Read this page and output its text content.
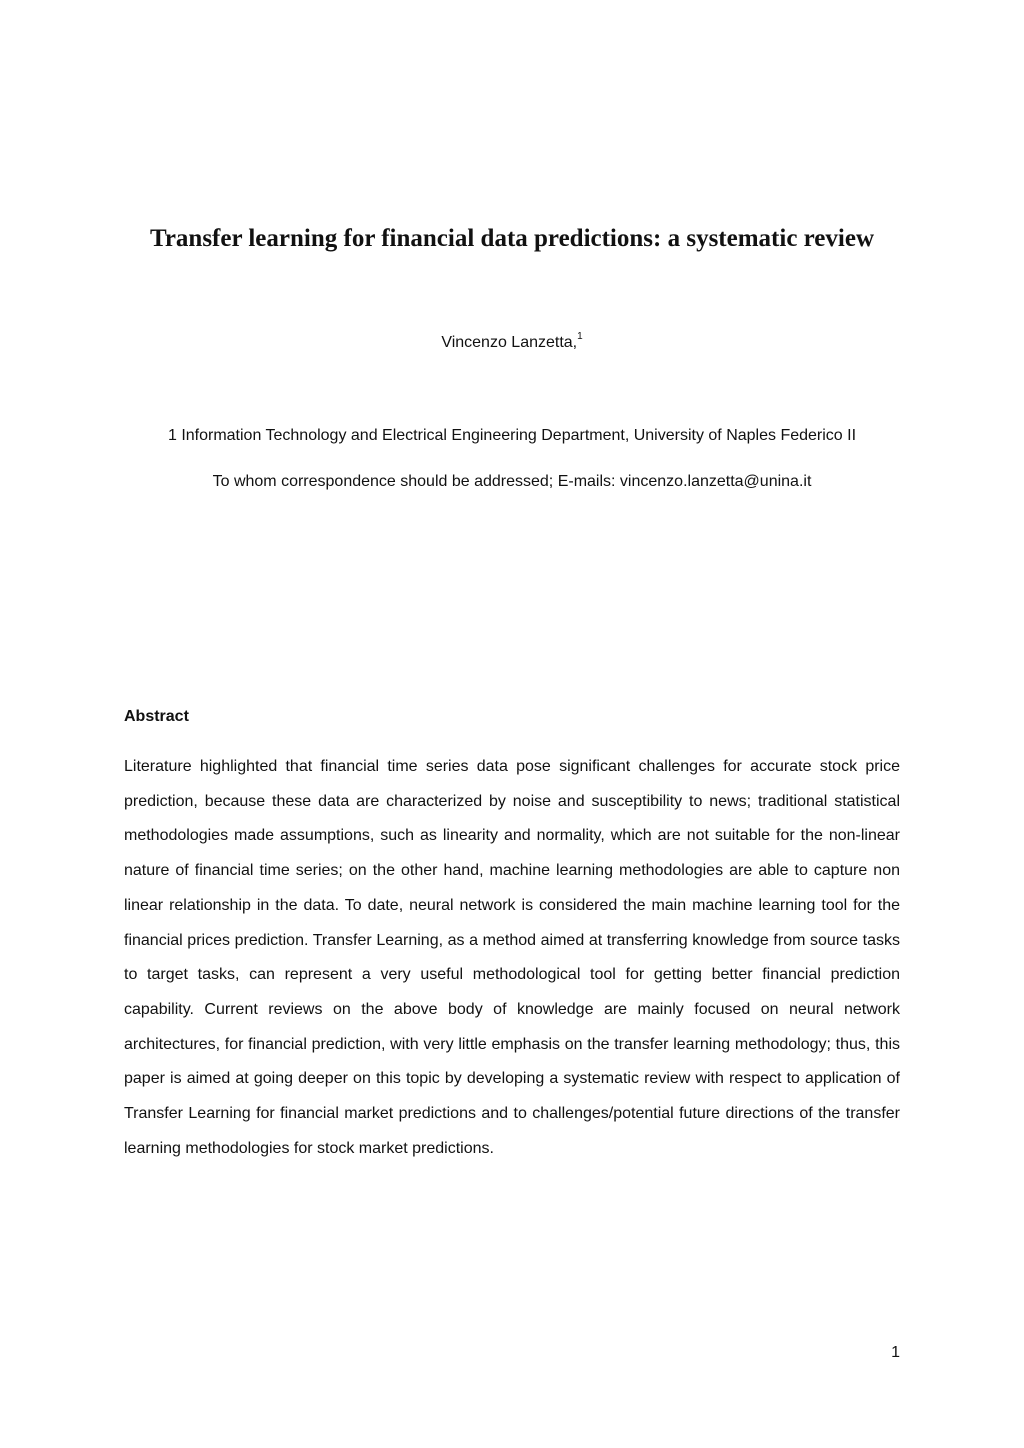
Transfer learning for financial data predictions: a systematic review
Vincenzo Lanzetta,$^1$
1 Information Technology and Electrical Engineering Department, University of Naples Federico II
To whom correspondence should be addressed; E-mails: vincenzo.lanzetta@unina.it
Abstract

Literature highlighted that financial time series data pose significant challenges for accurate stock price prediction, because these data are characterized by noise and susceptibility to news; traditional statistical methodologies made assumptions, such as linearity and normality, which are not suitable for the non-linear nature of financial time series; on the other hand, machine learning methodologies are able to capture non linear relationship in the data. To date, neural network is considered the main machine learning tool for the financial prices prediction. Transfer Learning, as a method aimed at transferring knowledge from source tasks to target tasks, can represent a very useful methodological tool for getting better financial prediction capability. Current reviews on the above body of knowledge are mainly focused on neural network architectures, for financial prediction, with very little emphasis on the transfer learning methodology; thus, this paper is aimed at going deeper on this topic by developing a systematic review with respect to application of Transfer Learning for financial market predictions and to challenges/potential future directions of the transfer learning methodologies for stock market predictions.

1
